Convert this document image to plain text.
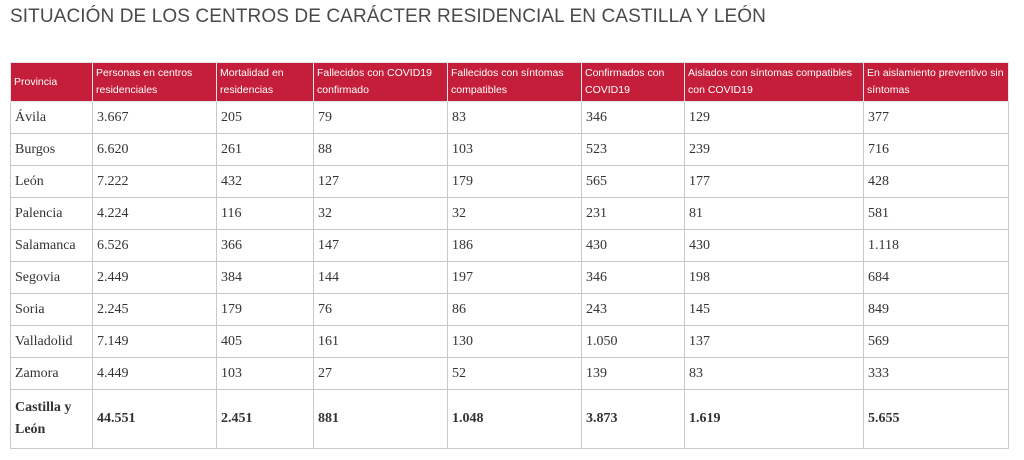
SITUACIÓN DE LOS CENTROS DE CARÁCTER RESIDENCIAL EN CASTILLA Y LEÓN
Provincia	Personas en centros residenciales	Mortalidad en residencias	Fallecidos con COVID19 confirmado	Fallecidos con síntomas compatibles	Confirmados con COVID19	Aislados con síntomas compatibles con COVID19	En aislamiento preventivo sin síntomas
Ávila	3.667	205	79	83	346	129	377
Burgos	6.620	261	88	103	523	239	716
León	7.222	432	127	179	565	177	428
Palencia	4.224	116	32	32	231	81	581
Salamanca	6.526	366	147	186	430	430	1.118
Segovia	2.449	384	144	197	346	198	684
Soria	2.245	179	76	86	243	145	849
Valladolid	7.149	405	161	130	1.050	137	569
Zamora	4.449	103	27	52	139	83	333
Castilla y León	44.551	2.451	881	1.048	3.873	1.619	5.655
